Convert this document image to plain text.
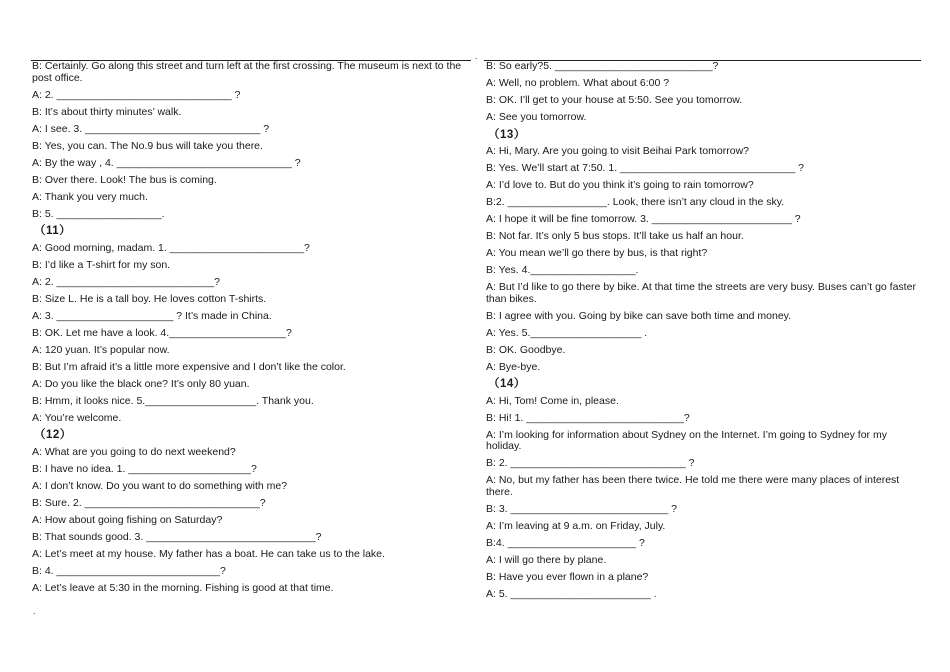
.
.
B: Certainly. Go along this street and turn left at the first crossing. The museum is next to the post office.
A: 2. ______________________________ ?
B: It’s about thirty minutes’ walk.
A: I see. 3. ______________________________ ?
B: Yes, you can. The No.9 bus will take you there.
A: By the way , 4. ______________________________ ?
B: Over there. Look! The bus is coming.
A: Thank you very much.
B: 5. __________________.
（11）
A: Good morning, madam. 1. _______________________?
B: I’d like a T-shirt for my son.
A: 2. ___________________________?
B: Size L. He is a tall boy. He loves cotton T-shirts.
A: 3. ____________________ ? It’s made in China.
B: OK. Let me have a look. 4.____________________?
A: 120 yuan. It’s popular now.
B: But I’m afraid it’s a little more expensive and I don’t like the color.
A: Do you like the black one? It’s only 80 yuan.
B: Hmm, it looks nice. 5.___________________. Thank you.
A: You’re welcome.
（12）
A: What are you going to do next weekend?
B: I have no idea. 1. _____________________?
A: I don’t know. Do you want to do something with me?
B: Sure. 2. ______________________________?
A: How about going fishing on Saturday?
B: That sounds good. 3. _____________________________?
A: Let’s meet at my house. My father has a boat. He can take us to the lake.
B: 4. ____________________________?
A: Let’s leave at 5:30 in the morning. Fishing is good at that time.
B: So early?5. ___________________________?
A: Well, no problem. What about 6:00 ?
B: OK. I’ll get to your house at 5:50. See you tomorrow.
A: See you tomorrow.
（13）
A: Hi, Mary. Are you going to visit Beihai Park tomorrow?
B: Yes. We’ll start at 7:50. 1. ______________________________ ?
A: I’d love to. But do you think it’s going to rain tomorrow?
B:2. _________________. Look, there isn’t any cloud in the sky.
A: I hope it will be fine tomorrow. 3. ________________________ ?
B: Not far. It’s only 5 bus stops. It’ll take us half an hour.
A: You mean we’ll go there by bus, is that right?
B: Yes. 4.__________________.
A: But I’d like to go there by bike. At that time the streets are very busy. Buses can’t go faster than bikes.
B: I agree with you. Going by bike can save both time and money.
A: Yes. 5.___________________ .
B: OK. Goodbye.
A: Bye-bye.
（14）
A: Hi, Tom! Come in, please.
B: Hi! 1. ___________________________?
A: I’m looking for information about Sydney on the Internet. I’m going to Sydney for my holiday.
B: 2. ______________________________ ?
A: No, but my father has been there twice. He told me there were many places of interest there.
B: 3. ___________________________ ?
A: I’m leaving at 9 a.m. on Friday, July.
B:4. ______________________ ?
A: I will go there by plane.
B: Have you ever flown in a plane?
A: 5. ________________________ .
